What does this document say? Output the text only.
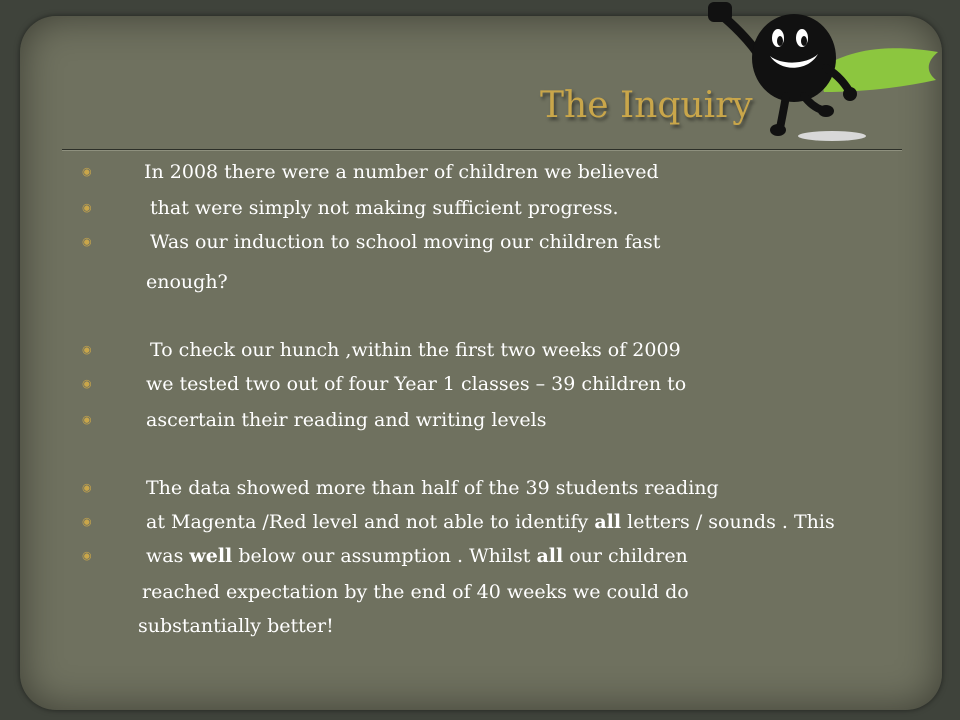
The Inquiry
◉	In 2008 there were a number of children we believed
◉	that were simply not making sufficient progress.
◉	Was our induction to school moving our children fast
enough?
◉	To check our hunch ,within the first two weeks of 2009
◉	we tested two out of four Year 1 classes – 39 children to
◉	ascertain their reading and writing levels
◉	The data showed more than half of the 39 students reading
◉	at Magenta /Red level and not able to identify all letters / sounds . This
◉	was well below our assumption . Whilst all our children
reached expectation by the end of 40 weeks we could do
substantially better!
